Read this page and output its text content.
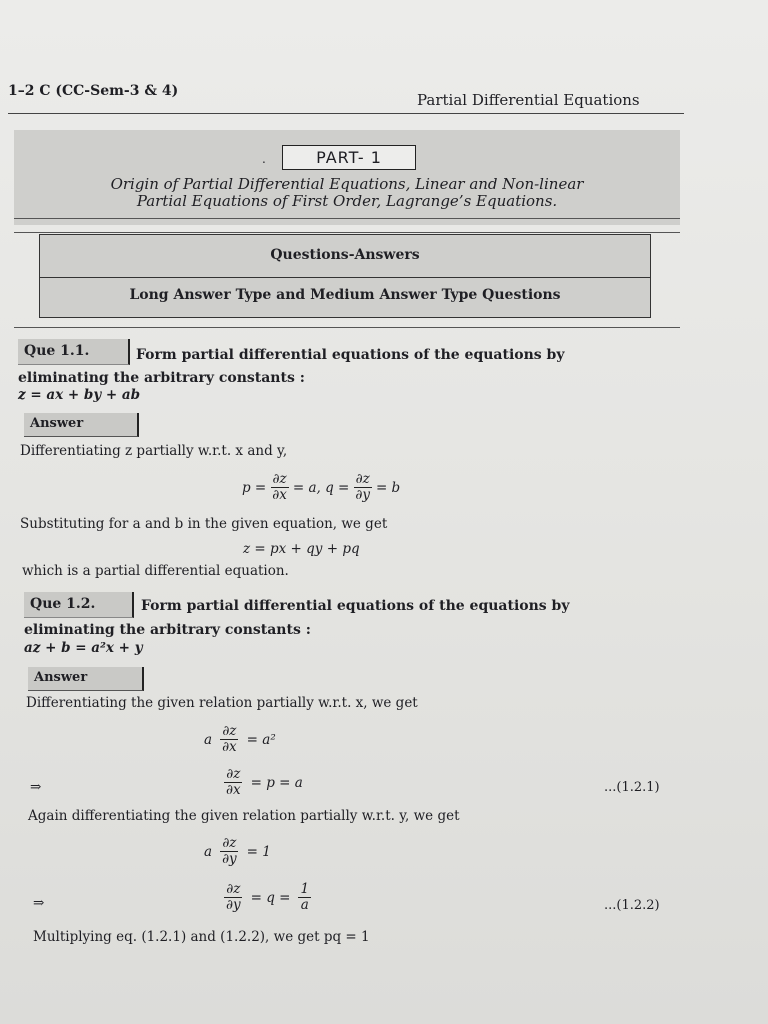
1–2 C (CC-Sem-3 & 4)	Partial Differential Equations
.	PART- 1
Origin of Partial Differential Equations, Linear and Non-linear
Partial Equations of First Order, Lagrange’s Equations.
Questions-Answers
Long Answer Type and Medium Answer Type Questions
Que 1.1.	Form partial differential equations of the equations by
eliminating the arbitrary constants :
z = ax + by + ab
Answer
Differentiating z partially w.r.t. x and y,
$p = \frac{\partial z}{\partial x} = a$, $q = \frac{\partial z}{\partial y} = b$
Substituting for a and b in the given equation, we get
z = px + qy + pq
which is a partial differential equation.
Que 1.2.	Form partial differential equations of the equations by
eliminating the arbitrary constants :
az + b = a²x + y
Answer
Differentiating the given relation partially w.r.t. x, we get
a $\frac{\partial z}{\partial x} = a^2$
⇒	$\frac{\partial z}{\partial x} = p = a$	...(1.2.1)
Again differentiating the given relation partially w.r.t. y, we get
a $\frac{\partial z}{\partial y} = 1$
⇒	$\frac{\partial z}{\partial y} = q = \frac{1}{a}$	...(1.2.2)
Multiplying eq. (1.2.1) and (1.2.2), we get pq = 1
